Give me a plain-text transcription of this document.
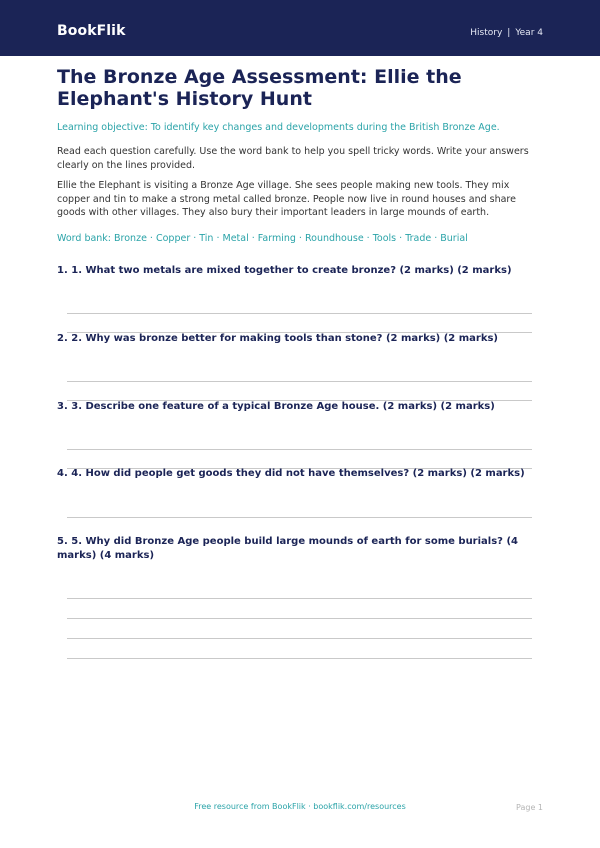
BookFlik	History | Year 4
The Bronze Age Assessment: Ellie the Elephant's History Hunt

Learning objective: To identify key changes and developments during the British Bronze Age.

Read each question carefully. Use the word bank to help you spell tricky words. Write your answers clearly on the lines provided.

Ellie the Elephant is visiting a Bronze Age village. She sees people making new tools. They mix copper and tin to make a strong metal called bronze. People now live in round houses and share goods with other villages. They also bury their important leaders in large mounds of earth.

Word bank: Bronze · Copper · Tin · Metal · Farming · Roundhouse · Tools · Trade · Burial

1. 1. What two metals are mixed together to create bronze? (2 marks) (2 marks)

2. 2. Why was bronze better for making tools than stone? (2 marks) (2 marks)

3. 3. Describe one feature of a typical Bronze Age house. (2 marks) (2 marks)

4. 4. How did people get goods they did not have themselves? (2 marks) (2 marks)

5. 5. Why did Bronze Age people build large mounds of earth for some burials? (4 marks) (4 marks)

Free resource from BookFlik · bookflik.com/resources	Page 1
